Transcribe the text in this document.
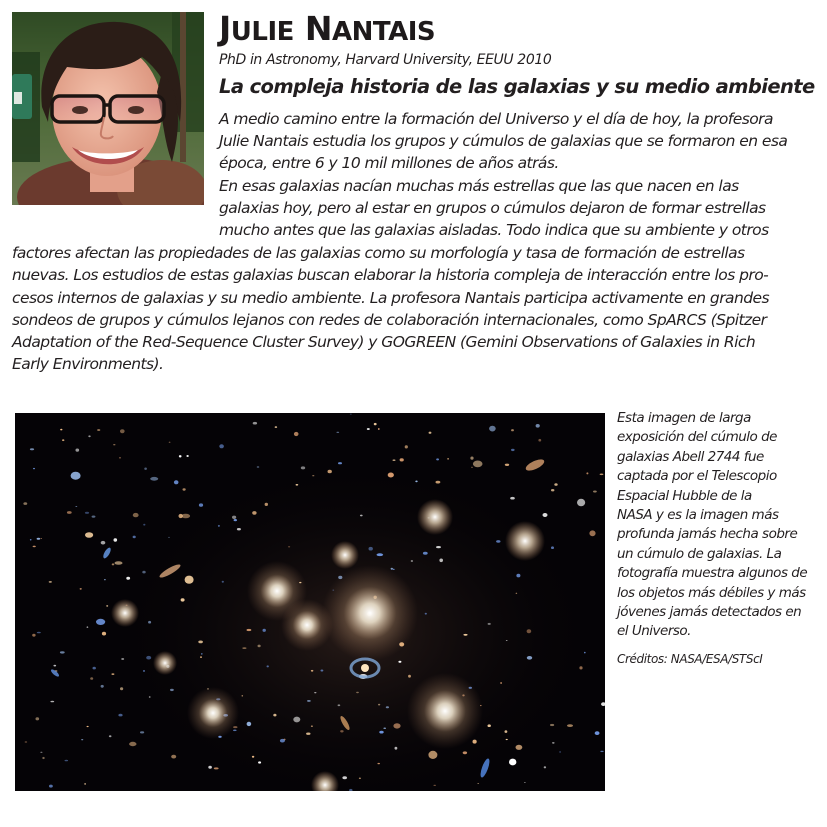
JULIE NANTAIS

PhD in Astronomy, Harvard University, EEUU 2010

La compleja historia de las galaxias y su medio ambiente

A medio camino entre la formación del Universo y el día de hoy, la profesora

Julie Nantais estudia los grupos y cúmulos de galaxias que se formaron en esa

época, entre 6 y 10 mil millones de años atrás.

En esas galaxias nacían muchas más estrellas que las que nacen en las

galaxias hoy, pero al estar en grupos o cúmulos dejaron de formar estrellas

mucho antes que las galaxias aisladas. Todo indica que su ambiente y otros

factores afectan las propiedades de las galaxias como su morfología y tasa de formación de estrellas

nuevas. Los estudios de estas galaxias buscan elaborar la historia compleja de interacción entre los pro-

cesos internos de galaxias y su medio ambiente. La profesora Nantais participa activamente en grandes

sondeos de grupos y cúmulos lejanos con redes de colaboración internacionales, como SpARCS (Spitzer

Adaptation of the Red-Sequence Cluster Survey) y GOGREEN (Gemini Observations of Galaxies in Rich

Early Environments).

Esta imagen de larga
exposición del cúmulo de
galaxias Abell 2744 fue
captada por el Telescopio
Espacial Hubble de la
NASA y es la imagen más
profunda jamás hecha sobre
un cúmulo de galaxias. La
fotografía muestra algunos de
los objetos más débiles y más
jóvenes jamás detectados en
el Universo.

Créditos: NASA/ESA/STScI
